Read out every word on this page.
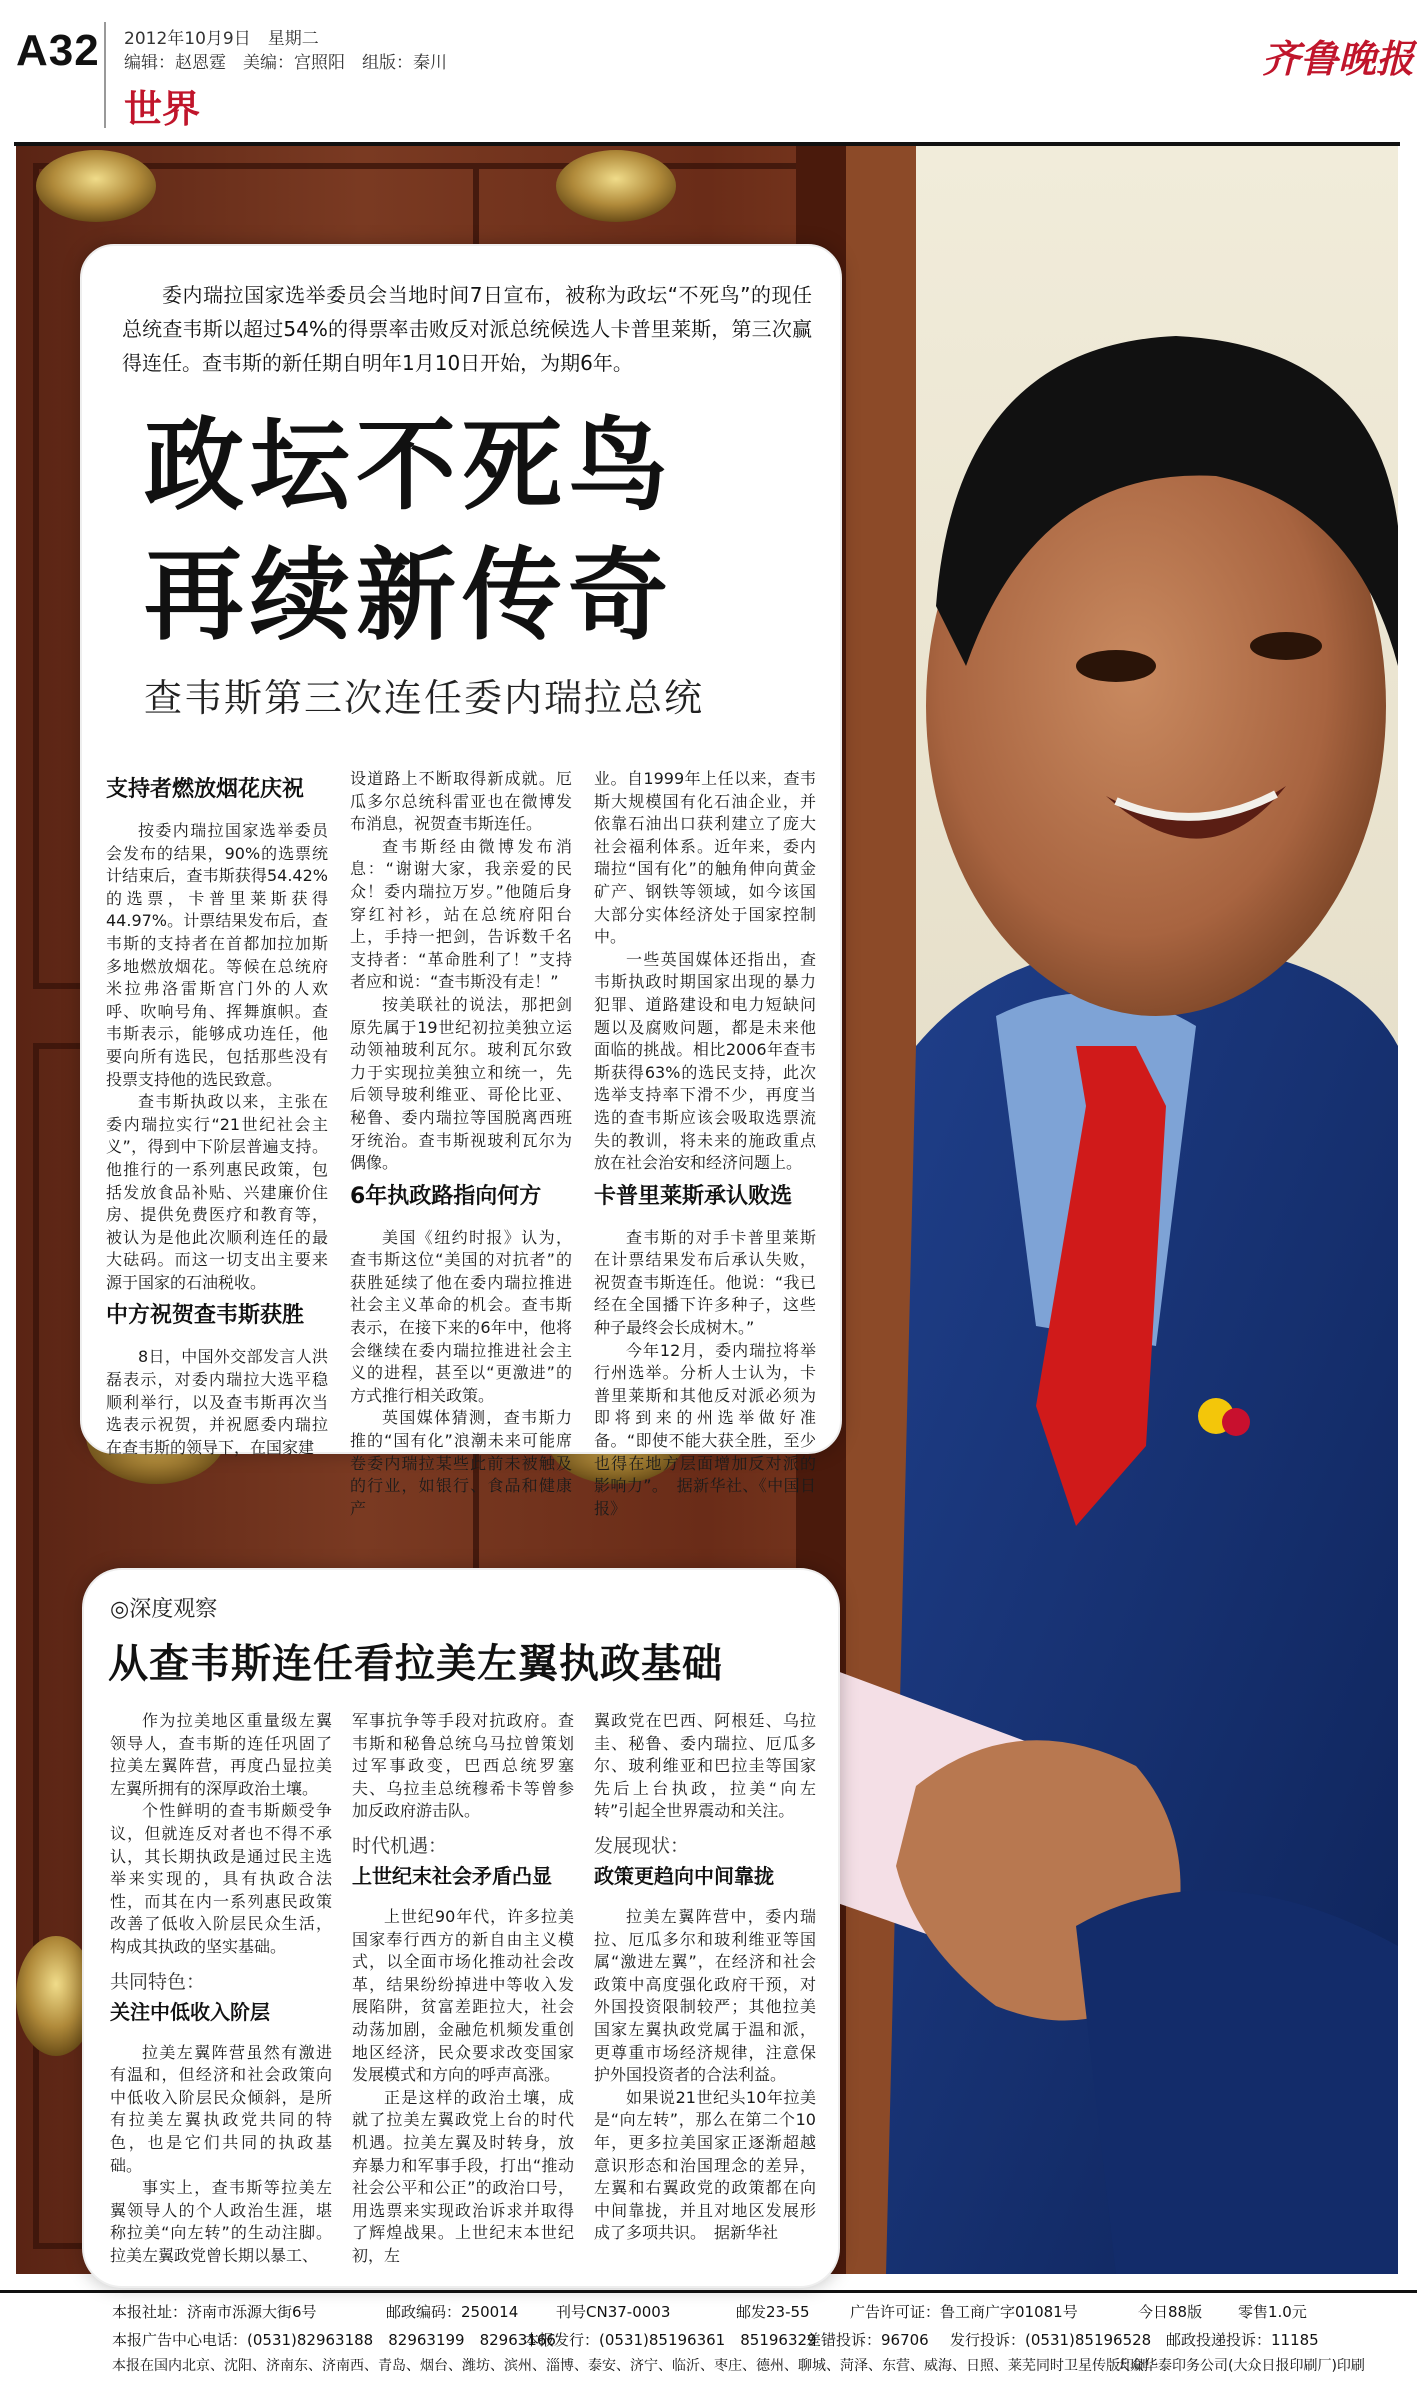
A32 2012年10月9日　星期二
编辑：赵恩霆　美编：宫照阳　组版：秦川
世界
齐鲁晚报
委内瑞拉国家选举委员会当地时间7日宣布，被称为政坛“不死鸟”的现任总统查韦斯以超过54%的得票率击败反对派总统候选人卡普里莱斯，第三次赢得连任。查韦斯的新任期自明年1月10日开始，为期6年。
政坛不死鸟
再续新传奇
查韦斯第三次连任委内瑞拉总统
支持者燃放烟花庆祝

按委内瑞拉国家选举委员会发布的结果，90%的选票统计结束后，查韦斯获得54.42%的选票，卡普里莱斯获得44.97%。计票结果发布后，查韦斯的支持者在首都加拉加斯多地燃放烟花。等候在总统府米拉弗洛雷斯宫门外的人欢呼、吹响号角、挥舞旗帜。查韦斯表示，能够成功连任，他要向所有选民，包括那些没有投票支持他的选民致意。

查韦斯执政以来，主张在委内瑞拉实行“21世纪社会主义”，得到中下阶层普遍支持。他推行的一系列惠民政策，包括发放食品补贴、兴建廉价住房、提供免费医疗和教育等，被认为是他此次顺利连任的最大砝码。而这一切支出主要来源于国家的石油税收。

中方祝贺查韦斯获胜

8日，中国外交部发言人洪磊表示，对委内瑞拉大选平稳顺利举行，以及查韦斯再次当选表示祝贺，并祝愿委内瑞拉在查韦斯的领导下，在国家建

设道路上不断取得新成就。厄瓜多尔总统科雷亚也在微博发布消息，祝贺查韦斯连任。

查韦斯经由微博发布消息：“谢谢大家，我亲爱的民众！委内瑞拉万岁。”他随后身穿红衬衫，站在总统府阳台上，手持一把剑，告诉数千名支持者：“革命胜利了！”支持者应和说：“查韦斯没有走！”

按美联社的说法，那把剑原先属于19世纪初拉美独立运动领袖玻利瓦尔。玻利瓦尔致力于实现拉美独立和统一，先后领导玻利维亚、哥伦比亚、秘鲁、委内瑞拉等国脱离西班牙统治。查韦斯视玻利瓦尔为偶像。

6年执政路指向何方

美国《纽约时报》认为，查韦斯这位“美国的对抗者”的获胜延续了他在委内瑞拉推进社会主义革命的机会。查韦斯表示，在接下来的6年中，他将会继续在委内瑞拉推进社会主义的进程，甚至以“更激进”的方式推行相关政策。

英国媒体猜测，查韦斯力推的“国有化”浪潮未来可能席卷委内瑞拉某些此前未被触及的行业，如银行、食品和健康产

业。自1999年上任以来，查韦斯大规模国有化石油企业，并依靠石油出口获利建立了庞大社会福利体系。近年来，委内瑞拉“国有化”的触角伸向黄金矿产、钢铁等领域，如今该国大部分实体经济处于国家控制中。

一些英国媒体还指出，查韦斯执政时期国家出现的暴力犯罪、道路建设和电力短缺问题以及腐败问题，都是未来他面临的挑战。相比2006年查韦斯获得63%的选民支持，此次选举支持率下滑不少，再度当选的查韦斯应该会吸取选票流失的教训，将未来的施政重点放在社会治安和经济问题上。

卡普里莱斯承认败选

查韦斯的对手卡普里莱斯在计票结果发布后承认失败，祝贺查韦斯连任。他说：“我已经在全国播下许多种子，这些种子最终会长成树木。”

今年12月，委内瑞拉将举行州选举。分析人士认为，卡普里莱斯和其他反对派必须为即将到来的州选举做好准备。“即使不能大获全胜，至少也得在地方层面增加反对派的影响力”。　据新华社、《中国日报》

◎深度观察
从查韦斯连任看拉美左翼执政基础

作为拉美地区重量级左翼领导人，查韦斯的连任巩固了拉美左翼阵营，再度凸显拉美左翼所拥有的深厚政治土壤。

个性鲜明的查韦斯颇受争议，但就连反对者也不得不承认，其长期执政是通过民主选举来实现的，具有执政合法性，而其在内一系列惠民政策改善了低收入阶层民众生活，构成其执政的坚实基础。

共同特色：
关注中低收入阶层

拉美左翼阵营虽然有激进有温和，但经济和社会政策向中低收入阶层民众倾斜，是所有拉美左翼执政党共同的特色，也是它们共同的执政基础。

事实上，查韦斯等拉美左翼领导人的个人政治生涯，堪称拉美“向左转”的生动注脚。拉美左翼政党曾长期以暴工、

军事抗争等手段对抗政府。查韦斯和秘鲁总统乌马拉曾策划过军事政变，巴西总统罗塞夫、乌拉圭总统穆希卡等曾参加反政府游击队。

时代机遇：
上世纪末社会矛盾凸显

上世纪90年代，许多拉美国家奉行西方的新自由主义模式，以全面市场化推动社会改革，结果纷纷掉进中等收入发展陷阱，贫富差距拉大，社会动荡加剧，金融危机频发重创地区经济，民众要求改变国家发展模式和方向的呼声高涨。

正是这样的政治土壤，成就了拉美左翼政党上台的时代机遇。拉美左翼及时转身，放弃暴力和军事手段，打出“推动社会公平和公正”的政治口号，用选票来实现政治诉求并取得了辉煌战果。上世纪末本世纪初，左

翼政党在巴西、阿根廷、乌拉圭、秘鲁、委内瑞拉、厄瓜多尔、玻利维亚和巴拉圭等国家先后上台执政，拉美“向左转”引起全世界震动和关注。

发展现状：
政策更趋向中间靠拢

拉美左翼阵营中，委内瑞拉、厄瓜多尔和玻利维亚等国属“激进左翼”，在经济和社会政策中高度强化政府干预，对外国投资限制较严；其他拉美国家左翼执政党属于温和派，更尊重市场经济规律，注意保护外国投资者的合法利益。

如果说21世纪头10年拉美是“向左转”，那么在第二个10年，更多拉美国家正逐渐超越意识形态和治国理念的差异，左翼和右翼政党的政策都在向中间靠拢，并且对地区发展形成了多项共识。　据新华社

本报社址：济南市泺源大街6号	邮政编码：250014	刊号CN37-0003	邮发23-55	广告许可证：鲁工商广字01081号	今日88版 零售1.0元
本报广告中心电话：(0531)82963188　82963199　82963166
本报发行：(0531)85196361　85196329
差错投诉：96706 发行投诉：(0531)85196528 邮政投递投诉：11185
本报在国内北京、沈阳、济南东、济南西、青岛、烟台、潍坊、滨州、淄博、泰安、济宁、临沂、枣庄、德州、聊城、菏泽、东营、威海、日照、莱芜同时卫星传版印刷
大众华泰印务公司(大众日报印刷厂)印刷
